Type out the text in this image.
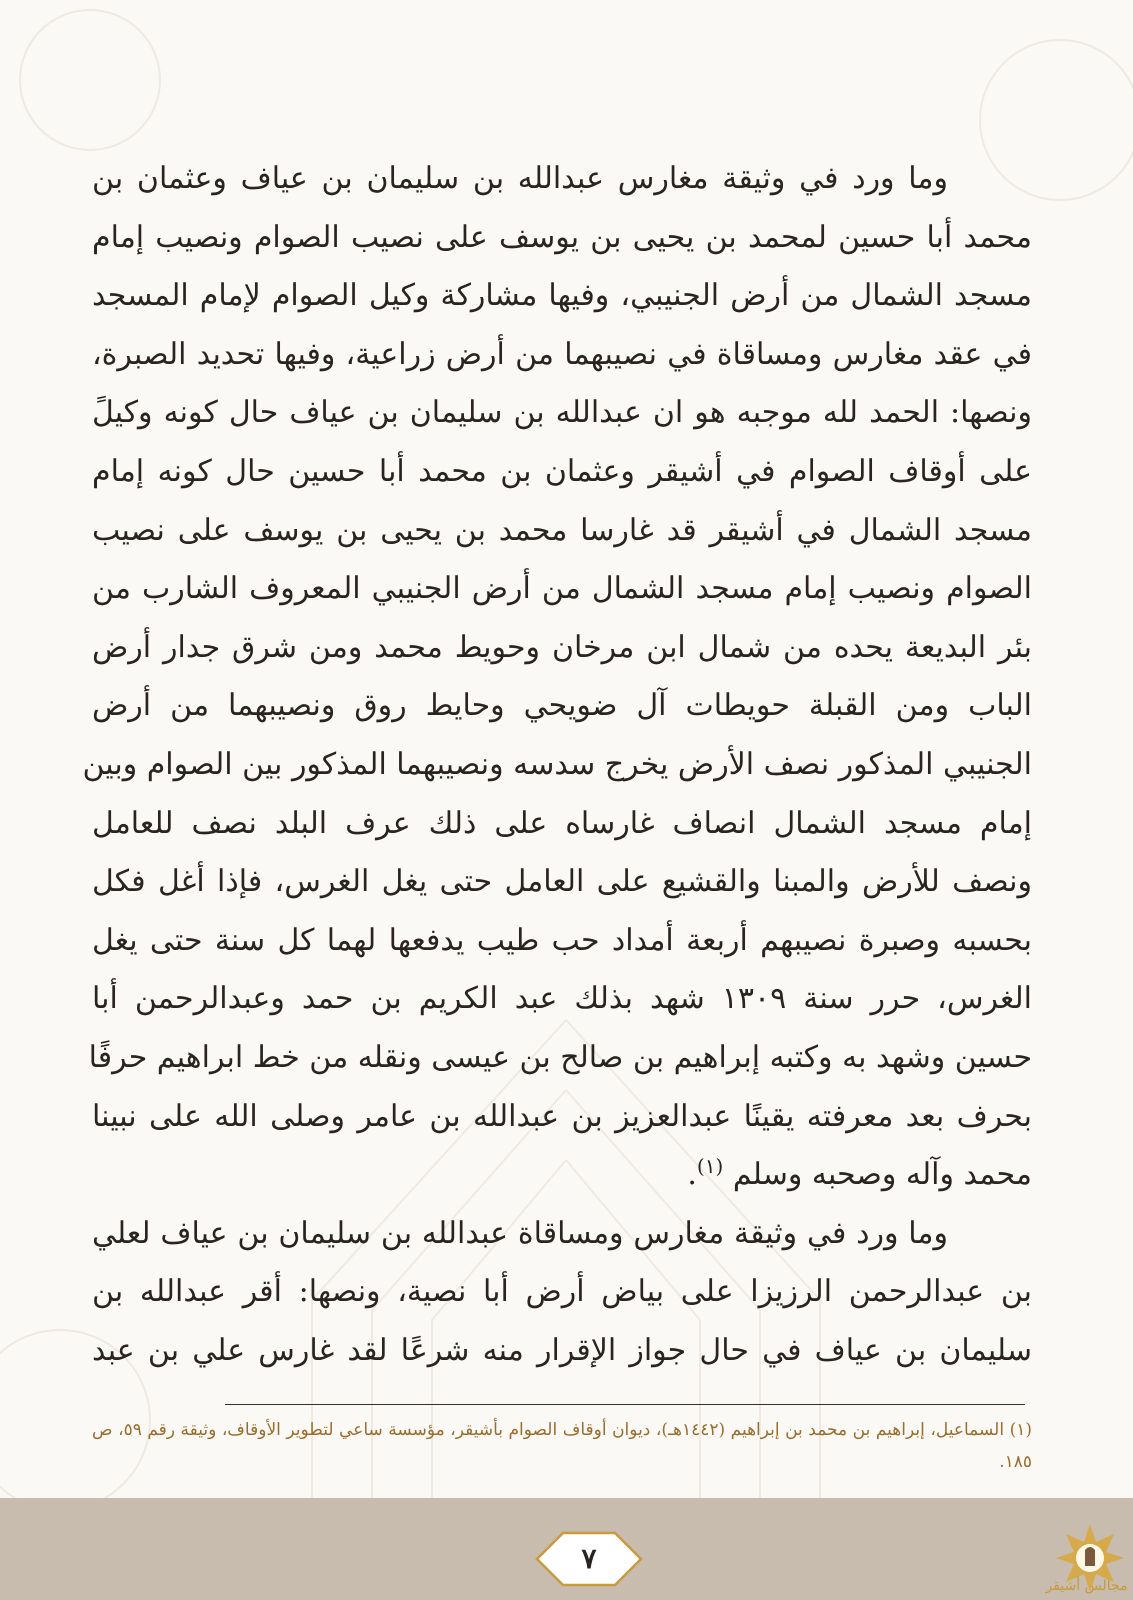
وما ورد في وثيقة مغارس عبدالله بن سليمان بن عياف وعثمان بن
محمد أبا حسين لمحمد بن يحيى بن يوسف على نصيب الصوام ونصيب إمام
مسجد الشمال من أرض الجنيبي، وفيها مشاركة وكيل الصوام لإمام المسجد
في عقد مغارس ومساقاة في نصيبهما من أرض زراعية، وفيها تحديد الصبرة،
ونصها: الحمد لله موجبه هو ان عبدالله بن سليمان بن عياف حال كونه وكيلً
على أوقاف الصوام في أشيقر وعثمان بن محمد أبا حسين حال كونه إمام
مسجد الشمال في أشيقر قد غارسا محمد بن يحيى بن يوسف على نصيب
الصوام ونصيب إمام مسجد الشمال من أرض الجنيبي المعروف الشارب من
بئر البديعة يحده من شمال ابن مرخان وحويط محمد ومن شرق جدار أرض
الباب ومن القبلة حويطات آل ضويحي وحايط روق ونصيبهما من أرض
الجنيبي المذكور نصف الأرض يخرج سدسه ونصيبهما المذكور بين الصوام وبين
إمام مسجد الشمال انصاف غارساه على ذلك عرف البلد نصف للعامل
ونصف للأرض والمبنا والقشيع على العامل حتى يغل الغرس، فإذا أغل فكل
بحسبه وصبرة نصيبهم أربعة أمداد حب طيب يدفعها لهما كل سنة حتى يغل
الغرس، حرر سنة ١٣٠٩ شهد بذلك عبد الكريم بن حمد وعبدالرحمن أبا
حسين وشهد به وكتبه إبراهيم بن صالح بن عيسى ونقله من خط ابراهيم حرفًا
بحرف بعد معرفته يقينًا عبدالعزيز بن عبدالله بن عامر وصلى الله على نبينا
محمد وآله وصحبه وسلم $^{(١)}$.

وما ورد في وثيقة مغارس ومساقاة عبدالله بن سليمان بن عياف لعلي
بن عبدالرحمن الرزيزا على بياض أرض أبا نصية، ونصها: أقر عبدالله بن
سليمان بن عياف في حال جواز الإقرار منه شرعًا لقد غارس علي بن عبد

(١) السماعيل، إبراهيم بن محمد بن إبراهيم (١٤٤٢هـ)، ديوان أوقاف الصوام بأشيقر، مؤسسة ساعي لتطوير الأوقاف، وثيقة رقم ٥٩، ص ١٨٥.
٧
مجالس أشيقر
